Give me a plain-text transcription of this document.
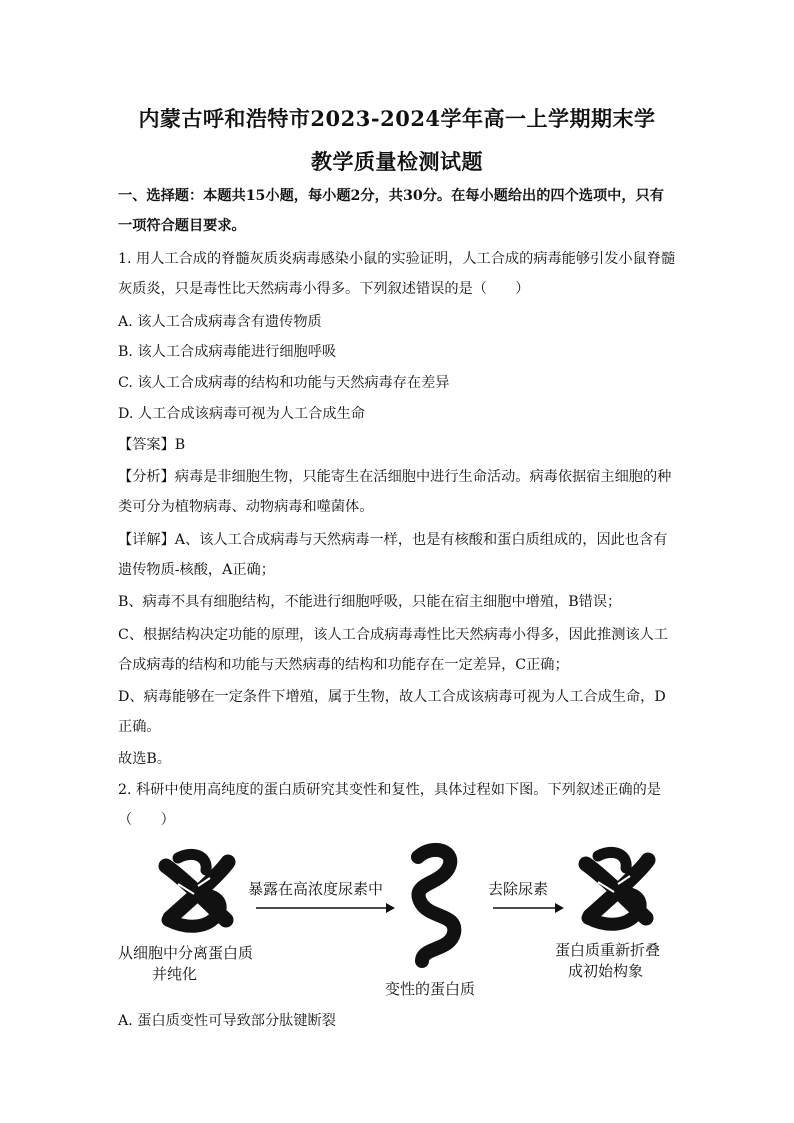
内蒙古呼和浩特市2023-2024学年高一上学期期末学
教学质量检测试题
一、选择题：本题共15小题，每小题2分，共30分。在每小题给出的四个选项中，只有
一项符合题目要求。
1. 用人工合成的脊髓灰质炎病毒感染小鼠的实验证明，人工合成的病毒能够引发小鼠脊髓
灰质炎，只是毒性比天然病毒小得多。下列叙述错误的是（　　）
A. 该人工合成病毒含有遗传物质
B. 该人工合成病毒能进行细胞呼吸
C. 该人工合成病毒的结构和功能与天然病毒存在差异
D. 人工合成该病毒可视为人工合成生命
【答案】B
【分析】病毒是非细胞生物，只能寄生在活细胞中进行生命活动。病毒依据宿主细胞的种
类可分为植物病毒、动物病毒和噬菌体。
【详解】A、该人工合成病毒与天然病毒一样，也是有核酸和蛋白质组成的，因此也含有
遗传物质-核酸，A正确；
B、病毒不具有细胞结构，不能进行细胞呼吸，只能在宿主细胞中增殖，B错误；
C、根据结构决定功能的原理，该人工合成病毒毒性比天然病毒小得多，因此推测该人工
合成病毒的结构和功能与天然病毒的结构和功能存在一定差异，C正确；
D、病毒能够在一定条件下增殖，属于生物，故人工合成该病毒可视为人工合成生命，D
正确。
故选B。
2. 科研中使用高纯度的蛋白质研究其变性和复性，具体过程如下图。下列叙述正确的是
（　　）
暴露在高浓度尿素中	去除尿素
从细胞中分离蛋白质
并纯化
变性的蛋白质
蛋白质重新折叠
成初始构象
A. 蛋白质变性可导致部分肽键断裂
